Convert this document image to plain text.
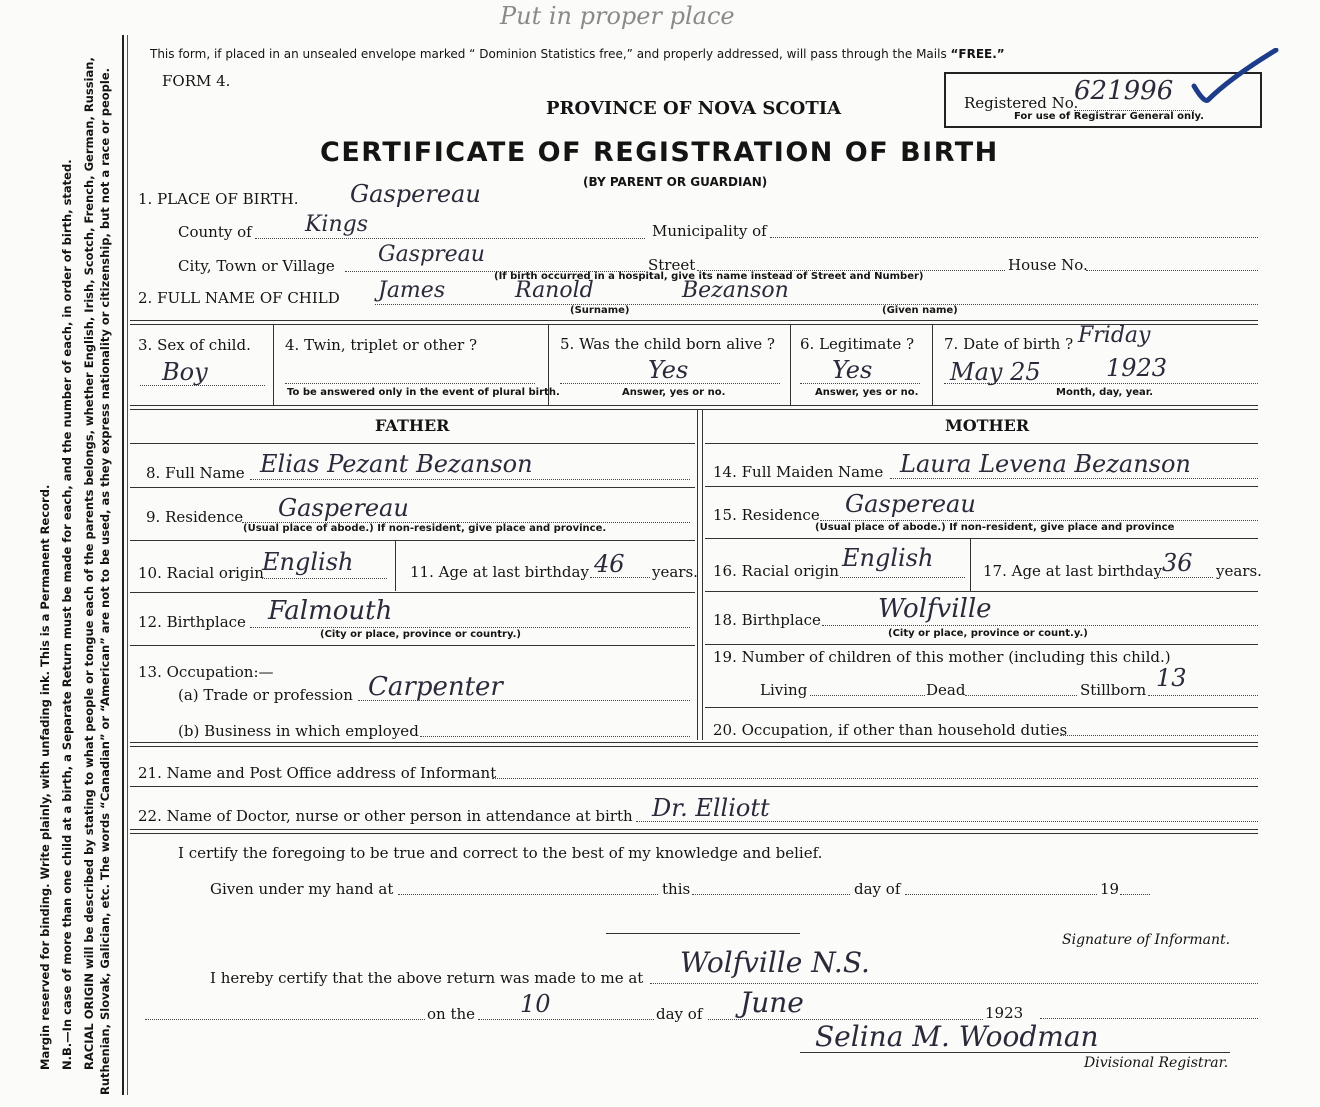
Put in proper place
Margin reserved for binding. Write plainly, with unfading ink. This is a Permanent Record. N.B.—In case of more than one child at a birth, a Separate Return must be made for each, and the number of each, in order of birth, stated. RACIAL ORIGIN will be described by stating to what people or tongue each of the parents belongs, whether English, Irish, Scotch, French, German, Russian, Ruthenian, Slovak, Galician, etc. The words “Canadian” or “American” are not to be used, as they express nationality or citizenship, but not a race or people.
This form, if placed in an unsealed envelope marked “ Dominion Statistics free,” and properly addressed, will pass through the Mails “FREE.”
FORM 4.
PROVINCE OF NOVA SCOTIA	Registered No.
621996
For use of Registrar General only.
CERTIFICATE OF REGISTRATION OF BIRTH
(BY PARENT OR GUARDIAN)
1. PLACE OF BIRTH. Gaspereau
County of Kings	Municipality of
City, Town or Village Gaspreau
(If birth occurred in a hospital, give its name instead of Street and Number)
Street	House No.
2. FULL NAME OF CHILD James	Ranold	Bezanson
(Surname)	(Given name)
3. Sex of child.
Boy
4. Twin, triplet or other ?
To be answered only in the event of plural birth.
5. Was the child born alive ?
Yes
Answer, yes or no.
6. Legitimate ?
Yes
Answer, yes or no.
7. Date of birth ? Friday
May 25	1923
Month, day, year.
FATHER	MOTHER
8. Full Name Elias Pezant Bezanson
9. Residence Gaspereau
(Usual place of abode.) If non-resident, give place and province.
10. Racial origin
English	11. Age at last birthday 46 years.
12. Birthplace Falmouth
(City or place, province or country.)
13. Occupation:—
(a) Trade or profession Carpenter
(b) Business in which employed
14. Full Maiden Name Laura Levena Bezanson
15. Residence Gaspereau
(Usual place of abode.) If non-resident, give place and province
16. Racial origin English	17. Age at last birthday 36 years.
18. Birthplace Wolfville
(City or place, province or count.y.)
19. Number of children of this mother (including this child.)
Living	Dead	Stillborn 13
20. Occupation, if other than household duties
21. Name and Post Office address of Informant
22. Name of Doctor, nurse or other person in attendance at birth Dr. Elliott
I certify the foregoing to be true and correct to the best of my knowledge and belief.
Given under my hand at	this	day of	19
Signature of Informant.
I hereby certify that the above return was made to me at Wolfville N.S.
on the 10	day of June	1923
Selina M. Woodman
Divisional Registrar.
